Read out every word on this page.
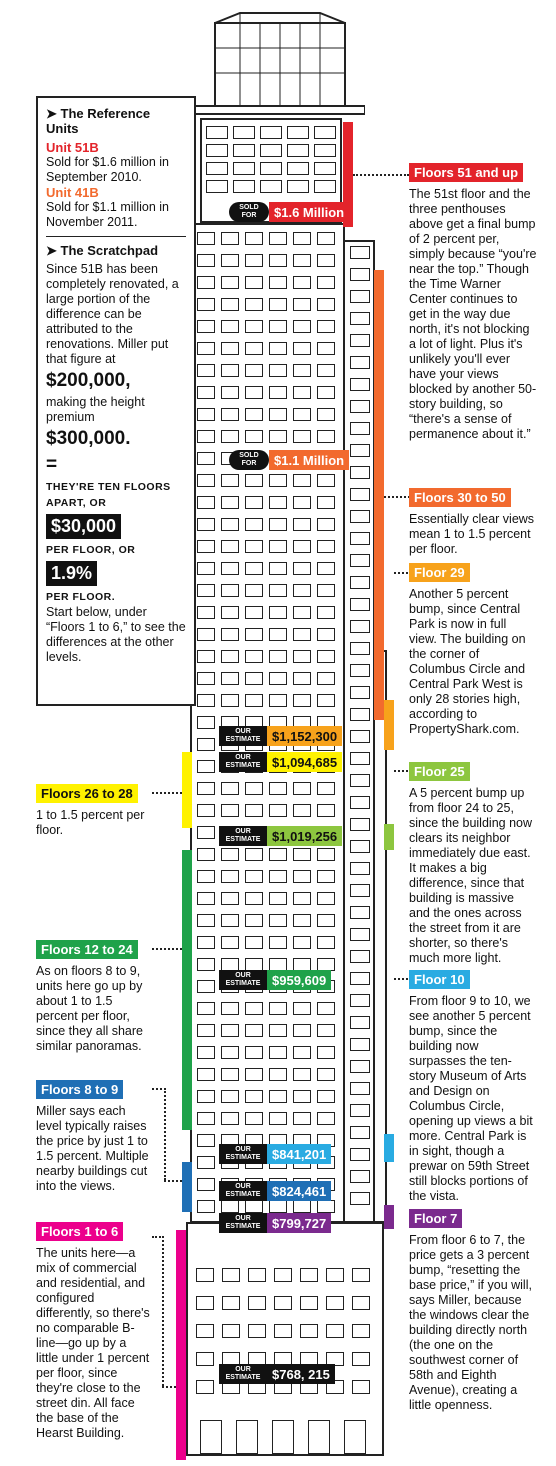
SOLD FOR	$1.6 Million
SOLD FOR	$1.1 Million
OUR ESTIMATE $1,152,300
OUR ESTIMATE $1,094,685
OUR ESTIMATE $1,019,256
OUR ESTIMATE $959,609
OUR ESTIMATE $841,201
OUR ESTIMATE $824,461
OUR ESTIMATE $799,727
OUR ESTIMATE $768, 215
➤ The Reference Units
Unit 51B
Sold for $1.6 million in September 2010.
Unit 41B
Sold for $1.1 million in November 2011.
➤ The Scratchpad
Since 51B has been completely renovated, a large portion of the difference can be attributed to the renovations. Miller put that figure at
$200,000,
making the height premium
$300,000.
=
THEY'RE TEN FLOORS APART, OR
$30,000
PER FLOOR, OR
1.9%
PER FLOOR.
Start below, under “Floors 1 to 6,” to see the differences at the other levels.
Floors 51 and up
The 51st floor and the three penthouses above get a final bump of 2 percent per, simply because “you're near the top.” Though the Time Warner Center continues to get in the way due north, it's not blocking a lot of light. Plus it's unlikely you'll ever have your views blocked by another 50-story building, so “there's a sense of permanence about it.”
Floors 30 to 50
Essentially clear views mean 1 to 1.5 percent per floor.
Floor 29
Another 5 percent bump, since Central Park is now in full view. The building on the corner of Columbus Circle and Central Park West is only 28 stories high, according to PropertyShark.com.
Floor 25
A 5 percent bump up from floor 24 to 25, since the building now clears its neighbor immediately due east. It makes a big difference, since that building is massive and the ones across the street from it are shorter, so there's much more light.
Floor 10
From floor 9 to 10, we see another 5 percent bump, since the building now surpasses the ten-story Museum of Arts and Design on Columbus Circle, opening up views a bit more. Central Park is in sight, though a prewar on 59th Street still blocks portions of the vista.
Floor 7
From floor 6 to 7, the price gets a 3 percent bump, “resetting the base price,” if you will, says Miller, because the windows clear the building directly north (the one on the southwest corner of 58th and Eighth Avenue), creating a little openness.
Floors 26 to 28
1 to 1.5 percent per floor.
Floors 12 to 24
As on floors 8 to 9, units here go up by about 1 to 1.5 percent per floor, since they all share similar panoramas.
Floors 8 to 9
Miller says each level typically raises the price by just 1 to 1.5 percent. Multiple nearby buildings cut into the views.
Floors 1 to 6
The units here—a mix of commercial and residential, and configured differently, so there's no comparable B-line—go up by a little under 1 percent per floor, since they're close to the street din. All face the base of the Hearst Building.
